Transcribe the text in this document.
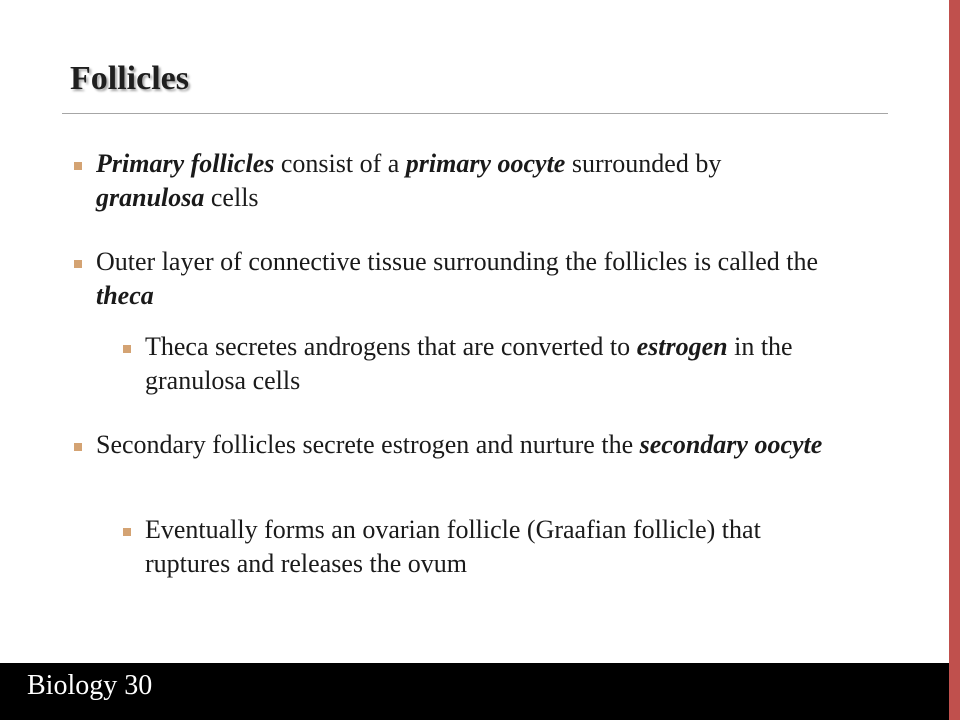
Follicles
Primary follicles consist of a primary oocyte surrounded by granulosa cells
Outer layer of connective tissue surrounding the follicles is called the theca
Theca secretes androgens that are converted to estrogen in the granulosa cells
Secondary follicles secrete estrogen and nurture the secondary oocyte
Eventually forms an ovarian follicle (Graafian follicle) that ruptures and releases the ovum
Biology 30
